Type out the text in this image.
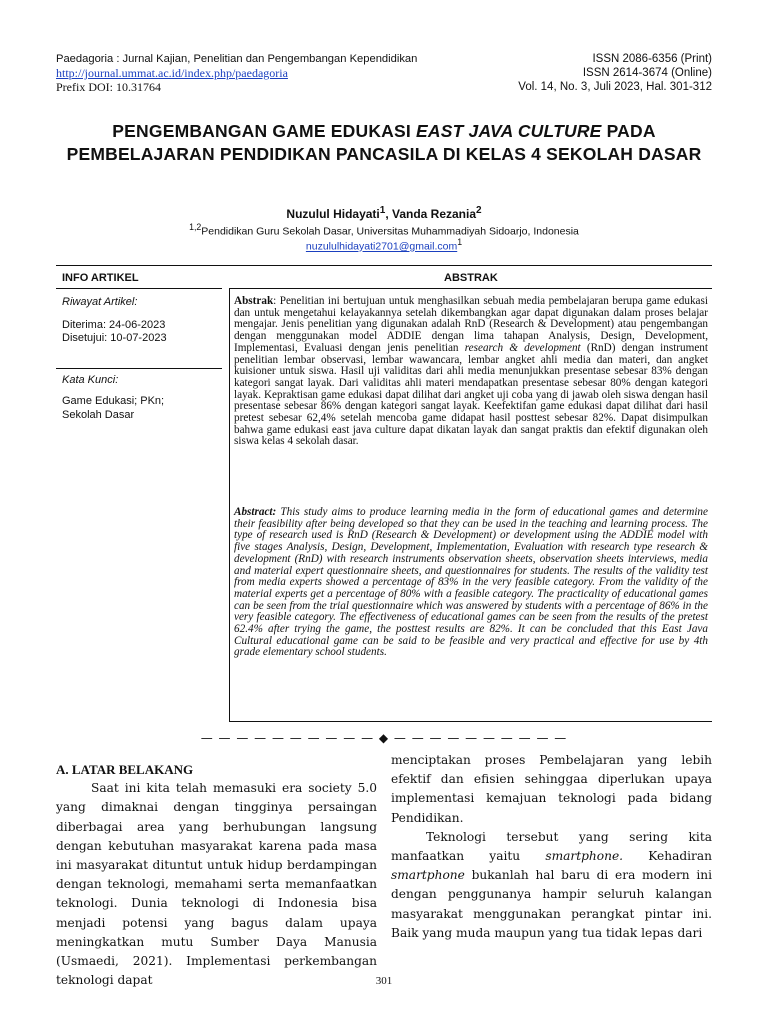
Paedagoria : Jurnal Kajian, Penelitian dan Pengembangan Kependidikan
http://journal.ummat.ac.id/index.php/paedagoria
Prefix DOI: 10.31764
ISSN 2086-6356 (Print)
ISSN 2614-3674 (Online)
Vol. 14, No. 3, Juli 2023, Hal. 301-312
PENGEMBANGAN GAME EDUKASI EAST JAVA CULTURE PADA PEMBELAJARAN PENDIDIKAN PANCASILA DI KELAS 4 SEKOLAH DASAR
Nuzulul Hidayati$^1$, Vanda Rezania$^2$
$^{1,2}$Pendidikan Guru Sekolah Dasar, Universitas Muhammadiyah Sidoarjo, Indonesia
nuzululhidayati2701@gmail.com$^1$
INFO ARTIKEL	ABSTRAK
Riwayat Artikel:
Diterima: 24-06-2023
Disetujui: 10-07-2023
Kata Kunci:
Game Edukasi; PKn;
Sekolah Dasar
Abstrak: Penelitian ini bertujuan untuk menghasilkan sebuah media pembelajaran berupa game edukasi dan untuk mengetahui kelayakannya setelah dikembangkan agar dapat digunakan dalam proses belajar mengajar. Jenis penelitian yang digunakan adalah RnD (Research & Development) atau pengembangan dengan menggunakan model ADDIE dengan lima tahapan Analysis, Design, Development, Implementasi, Evaluasi dengan jenis penelitian research & development (RnD) dengan instrument penelitian lembar observasi, lembar wawancara, lembar angket ahli media dan materi, dan angket kuisioner untuk siswa. Hasil uji validitas dari ahli media menunjukkan presentase sebesar 83% dengan kategori sangat layak. Dari validitas ahli materi mendapatkan presentase sebesar 80% dengan kategori layak. Kepraktisan game edukasi dapat dilihat dari angket uji coba yang di jawab oleh siswa dengan hasil presentase sebesar 86% dengan kategori sangat layak. Keefektifan game edukasi dapat dilihat dari hasil pretest sebesar 62,4% setelah mencoba game didapat hasil posttest sebesar 82%. Dapat disimpulkan bahwa game edukasi east java culture dapat dikatan layak dan sangat praktis dan efektif digunakan oleh siswa kelas 4 sekolah dasar.
Abstract: This study aims to produce learning media in the form of educational games and determine their feasibility after being developed so that they can be used in the teaching and learning process. The type of research used is RnD (Research & Development) or development using the ADDIE model with five stages Analysis, Design, Development, Implementation, Evaluation with research type research & development (RnD) with research instruments observation sheets, observation sheets interviews, media and material expert questionnaire sheets, and questionnaires for students. The results of the validity test from media experts showed a percentage of 83% in the very feasible category. From the validity of the material experts get a percentage of 80% with a feasible category. The practicality of educational games can be seen from the trial questionnaire which was answered by students with a percentage of 86% in the very feasible category. The effectiveness of educational games can be seen from the results of the pretest 62.4% after trying the game, the posttest results are 82%. It can be concluded that this East Java Cultural educational game can be said to be feasible and very practical and effective for use by 4th grade elementary school students.
— — — — — — — — — — ◆ — — — — — — — — — —

A. LATAR BELAKANG

Saat ini kita telah memasuki era society 5.0 yang dimaknai dengan tingginya persaingan diberbagai area yang berhubungan langsung dengan kebutuhan masyarakat karena pada masa ini masyarakat dituntut untuk hidup berdampingan dengan teknologi, memahami serta memanfaatkan teknologi. Dunia teknologi di Indonesia bisa menjadi potensi yang bagus dalam upaya meningkatkan mutu Sumber Daya Manusia (Usmaedi, 2021). Implementasi perkembangan teknologi dapat

menciptakan proses Pembelajaran yang lebih efektif dan efisien sehinggaa diperlukan upaya implementasi kemajuan teknologi pada bidang Pendidikan.

Teknologi tersebut yang sering kita manfaatkan yaitu smartphone. Kehadiran smartphone bukanlah hal baru di era modern ini dengan penggunanya hampir seluruh kalangan masyarakat menggunakan perangkat pintar ini. Baik yang muda maupun yang tua tidak lepas dari

301
